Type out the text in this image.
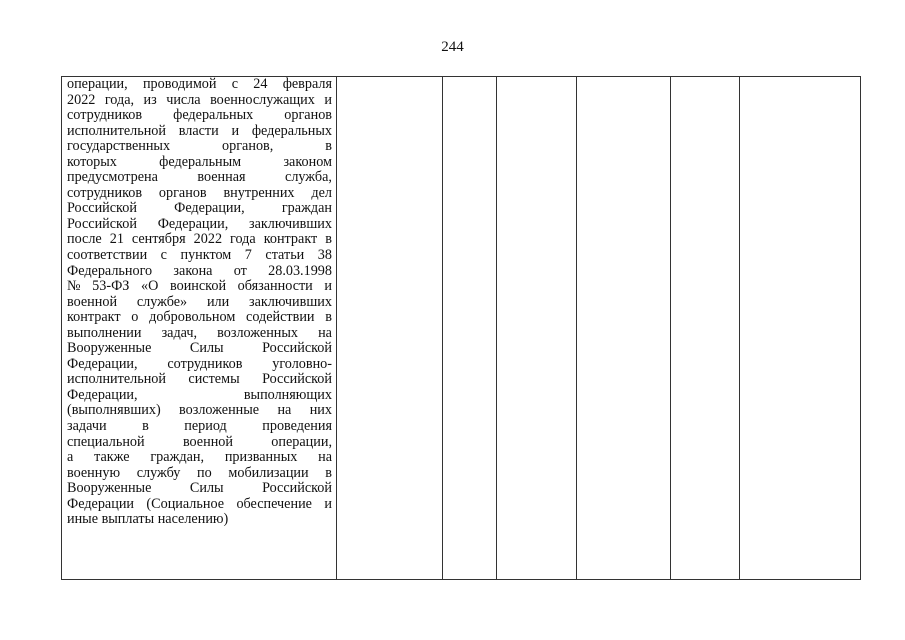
244
операции, проводимой с 24 февраля
2022 года, из числа военнослужащих и
сотрудников федеральных органов
исполнительной власти и федеральных
государственных	органов,	в
которых	федеральным	законом
предусмотрена	военная	служба,
сотрудников органов внутренних дел
Российской	Федерации,	граждан
Российской Федерации, заключивших
после 21 сентября 2022 года контракт в
соответствии с пунктом 7 статьи 38
Федерального закона от 28.03.1998
№ 53-ФЗ «О воинской обязанности и
военной службе» или заключивших
контракт о добровольном содействии в
выполнении задач, возложенных на
Вооруженные	Силы	Российской
Федерации, сотрудников уголовно-
исполнительной системы Российской
Федерации,	выполняющих
(выполнявших) возложенные на них
задачи	в	период	проведения
специальной	военной	операции,
а также граждан, призванных на
военную службу по мобилизации в
Вооруженные	Силы	Российской
Федерации (Социальное обеспечение и
иные выплаты населению)
